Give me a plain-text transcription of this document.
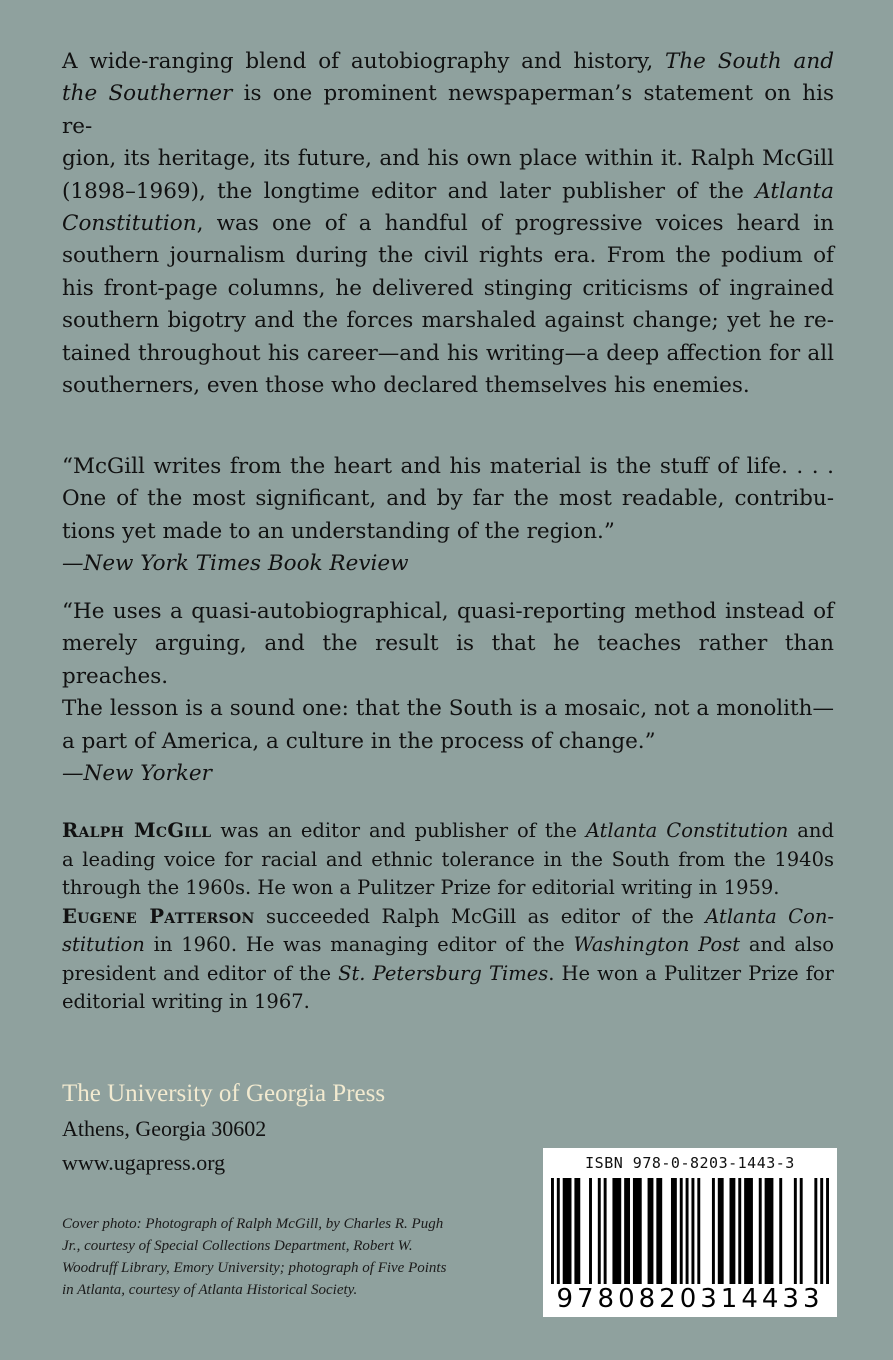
A wide-ranging blend of autobiography and history, The South and
the Southerner is one prominent newspaperman’s statement on his re-
gion, its heritage, its future, and his own place within it. Ralph McGill
(1898–1969), the longtime editor and later publisher of the Atlanta
Constitution, was one of a handful of progressive voices heard in
southern journalism during the civil rights era. From the podium of
his front-page columns, he delivered stinging criticisms of ingrained
southern bigotry and the forces marshaled against change; yet he re-
tained throughout his career—and his writing—a deep affection for all
southerners, even those who declared themselves his enemies.
“McGill writes from the heart and his material is the stuff of life. . . .
One of the most significant, and by far the most readable, contribu-
tions yet made to an understanding of the region.”
—New York Times Book Review
“He uses a quasi-autobiographical, quasi-reporting method instead of
merely arguing, and the result is that he teaches rather than preaches.
The lesson is a sound one: that the South is a mosaic, not a monolith—
a part of America, a culture in the process of change.”
—New Yorker
Ralph McGill was an editor and publisher of the Atlanta Constitution and
a leading voice for racial and ethnic tolerance in the South from the 1940s
through the 1960s. He won a Pulitzer Prize for editorial writing in 1959.
Eugene Patterson succeeded Ralph McGill as editor of the Atlanta Con-
stitution in 1960. He was managing editor of the Washington Post and also
president and editor of the St. Petersburg Times. He won a Pulitzer Prize for
editorial writing in 1967.
The University of Georgia Press
Athens, Georgia 30602
www.ugapress.org
Cover photo: Photograph of Ralph McGill, by Charles R. Pugh
Jr., courtesy of Special Collections Department, Robert W.
Woodruff Library, Emory University; photograph of Five Points
in Atlanta, courtesy of Atlanta Historical Society.
ISBN 978-0-8203-1443-3
9780820314433
